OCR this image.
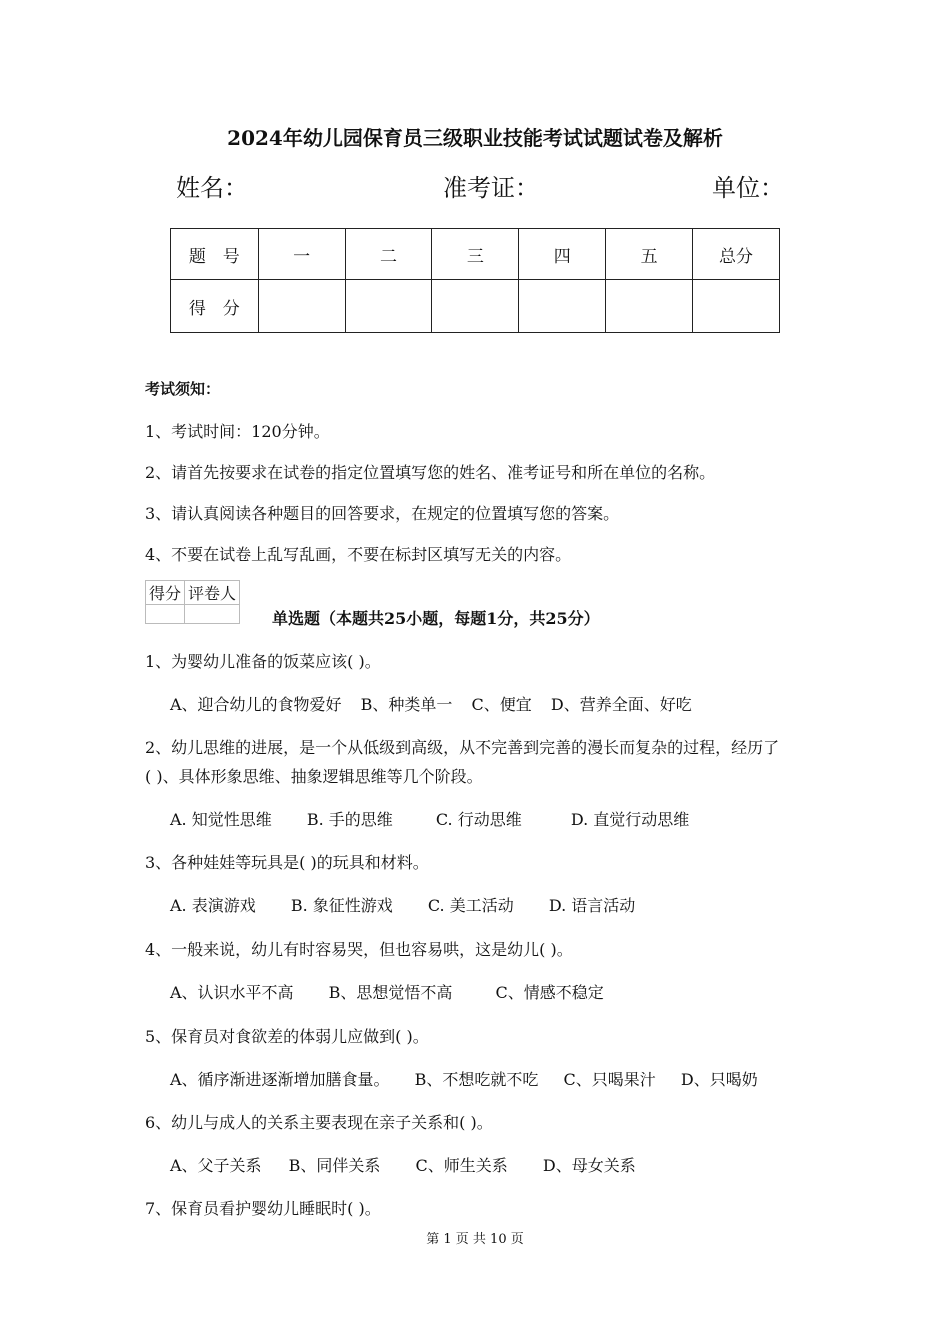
2024年幼儿园保育员三级职业技能考试试题试卷及解析
姓名：	准考证：	单位：
题　号	一	二	三	四	五	总分
得　分						
考试须知：
1、考试时间：120分钟。
2、请首先按要求在试卷的指定位置填写您的姓名、准考证号和所在单位的名称。
3、请认真阅读各种题目的回答要求，在规定的位置填写您的答案。
4、不要在试卷上乱写乱画，不要在标封区填写无关的内容。
得分	评卷人

单选题（本题共25小题，每题1分，共25分）
1、为婴幼儿准备的饭菜应该( )。
A、迎合幼儿的食物爱好 B、种类单一 C、便宜 D、营养全面、好吃
2、幼儿思维的进展，是一个从低级到高级，从不完善到完善的漫长而复杂的过程，经历了
( )、具体形象思维、抽象逻辑思维等几个阶段。
A. 知觉性思维 B. 手的思维	C. 行动思维	D. 直觉行动思维
3、各种娃娃等玩具是( )的玩具和材料。
A. 表演游戏 B. 象征性游戏 C. 美工活动 D. 语言活动
4、一般来说，幼儿有时容易哭，但也容易哄，这是幼儿( )。
A、认识水平不高 B、思想觉悟不高	C、情感不稳定
5、保育员对食欲差的体弱儿应做到( )。
A、循序渐进逐渐增加膳食量。 B、不想吃就不吃 C、只喝果汁 D、只喝奶
6、幼儿与成人的关系主要表现在亲子关系和( )。
A、父子关系 B、同伴关系 C、师生关系 D、母女关系
7、保育员看护婴幼儿睡眠时( )。
第 1 页 共 10 页
